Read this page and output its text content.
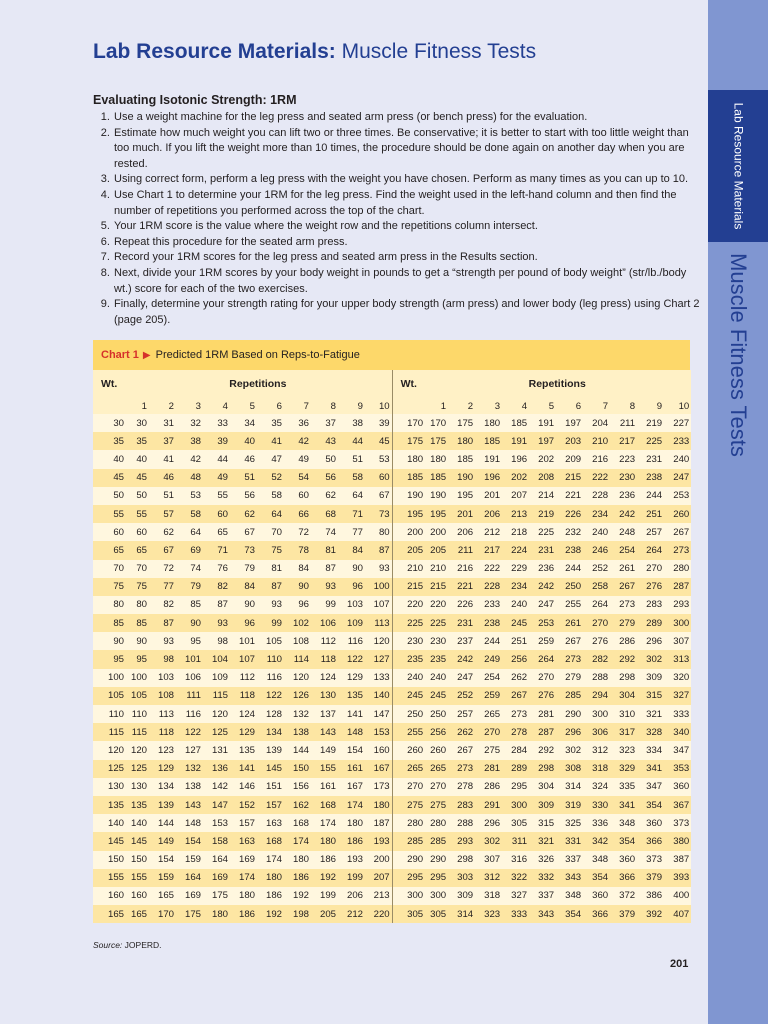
Lab Resource Materials
Muscle Fitness Tests
Lab Resource Materials: Muscle Fitness Tests
Evaluating Isotonic Strength: 1RM
1. Use a weight machine for the leg press and seated arm press (or bench press) for the evaluation.
2. Estimate how much weight you can lift two or three times. Be conservative; it is better to start with too little weight than too much. If you lift the weight more than 10 times, the procedure should be done again on another day when you are rested.
3. Using correct form, perform a leg press with the weight you have chosen. Perform as many times as you can up to 10.
4. Use Chart 1 to determine your 1RM for the leg press. Find the weight used in the left-hand column and then find the number of repetitions you performed across the top of the chart.
5. Your 1RM score is the value where the weight row and the repetitions column intersect.
6. Repeat this procedure for the seated arm press.
7. Record your 1RM scores for the leg press and seated arm press in the Results section.
8. Next, divide your 1RM scores by your body weight in pounds to get a “strength per pound of body weight” (str/lb./body wt.) score for each of the two exercises.
9. Finally, determine your strength rating for your upper body strength (arm press) and lower body (leg press) using Chart 2 (page 205).
Chart 1 ▶ Predicted 1RM Based on Reps-to-Fatigue
Wt.	Repetitions										Wt.	Repetitions									
	1	2	3	4	5	6	7	8	9	10		1	2	3	4	5	6	7	8	9	10
30	30	31	32	33	34	35	36	37	38	39	170	170	175	180	185	191	197	204	211	219	227
35	35	37	38	39	40	41	42	43	44	45	175	175	180	185	191	197	203	210	217	225	233
40	40	41	42	44	46	47	49	50	51	53	180	180	185	191	196	202	209	216	223	231	240
45	45	46	48	49	51	52	54	56	58	60	185	185	190	196	202	208	215	222	230	238	247
50	50	51	53	55	56	58	60	62	64	67	190	190	195	201	207	214	221	228	236	244	253
55	55	57	58	60	62	64	66	68	71	73	195	195	201	206	213	219	226	234	242	251	260
60	60	62	64	65	67	70	72	74	77	80	200	200	206	212	218	225	232	240	248	257	267
65	65	67	69	71	73	75	78	81	84	87	205	205	211	217	224	231	238	246	254	264	273
70	70	72	74	76	79	81	84	87	90	93	210	210	216	222	229	236	244	252	261	270	280
75	75	77	79	82	84	87	90	93	96	100	215	215	221	228	234	242	250	258	267	276	287
80	80	82	85	87	90	93	96	99	103	107	220	220	226	233	240	247	255	264	273	283	293
85	85	87	90	93	96	99	102	106	109	113	225	225	231	238	245	253	261	270	279	289	300
90	90	93	95	98	101	105	108	112	116	120	230	230	237	244	251	259	267	276	286	296	307
95	95	98	101	104	107	110	114	118	122	127	235	235	242	249	256	264	273	282	292	302	313
100	100	103	106	109	112	116	120	124	129	133	240	240	247	254	262	270	279	288	298	309	320
105	105	108	111	115	118	122	126	130	135	140	245	245	252	259	267	276	285	294	304	315	327
110	110	113	116	120	124	128	132	137	141	147	250	250	257	265	273	281	290	300	310	321	333
115	115	118	122	125	129	134	138	143	148	153	255	256	262	270	278	287	296	306	317	328	340
120	120	123	127	131	135	139	144	149	154	160	260	260	267	275	284	292	302	312	323	334	347
125	125	129	132	136	141	145	150	155	161	167	265	265	273	281	289	298	308	318	329	341	353
130	130	134	138	142	146	151	156	161	167	173	270	270	278	286	295	304	314	324	335	347	360
135	135	139	143	147	152	157	162	168	174	180	275	275	283	291	300	309	319	330	341	354	367
140	140	144	148	153	157	163	168	174	180	187	280	280	288	296	305	315	325	336	348	360	373
145	145	149	154	158	163	168	174	180	186	193	285	285	293	302	311	321	331	342	354	366	380
150	150	154	159	164	169	174	180	186	193	200	290	290	298	307	316	326	337	348	360	373	387
155	155	159	164	169	174	180	186	192	199	207	295	295	303	312	322	332	343	354	366	379	393
160	160	165	169	175	180	186	192	199	206	213	300	300	309	318	327	337	348	360	372	386	400
165	165	170	175	180	186	192	198	205	212	220	305	305	314	323	333	343	354	366	379	392	407
Source: JOPERD.
201
